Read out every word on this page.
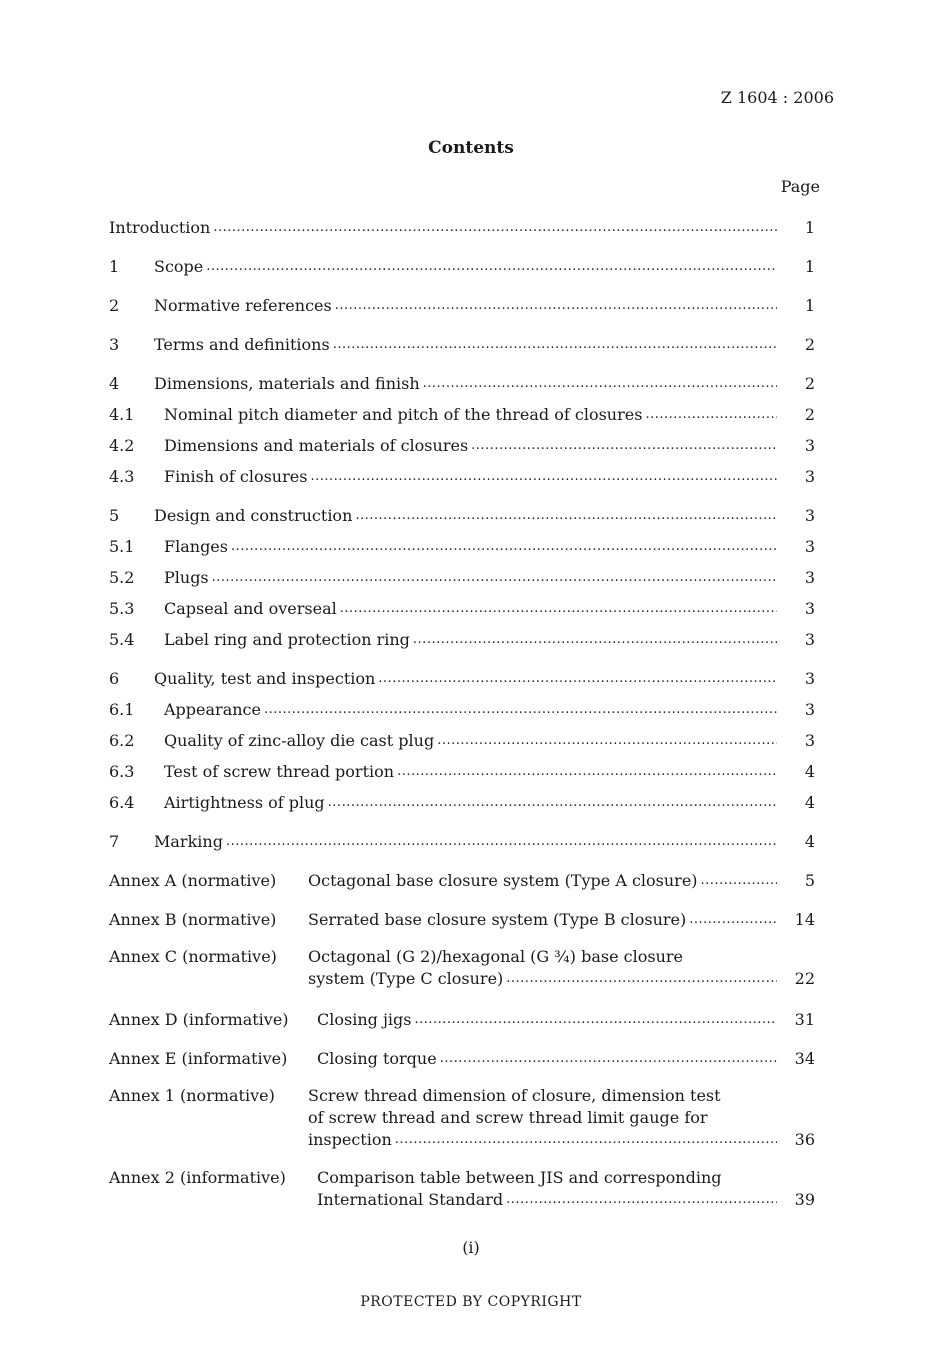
Z 1604 : 2006
Contents
Page
Introduction .....	1
1	Scope .....	1
2	Normative references .....	1
3	Terms and definitions .....	2
4	Dimensions, materials and finish .....	2
4.1	Nominal pitch diameter and pitch of the thread of closures .....	2
4.2	Dimensions and materials of closures .....	3
4.3	Finish of closures .....	3
5	Design and construction .....	3
5.1	Flanges .....	3
5.2	Plugs .....	3
5.3	Capseal and overseal .....	3
5.4	Label ring and protection ring .....	3
6	Quality, test and inspection .....	3
6.1	Appearance .....	3
6.2	Quality of zinc-alloy die cast plug .....	3
6.3	Test of screw thread portion .....	4
6.4	Airtightness of plug .....	4
7	Marking .....	4
Annex A (normative)	Octagonal base closure system (Type A closure) .....	5
Annex B (normative)	Serrated base closure system (Type B closure) .....	14
Annex C (normative)	Octagonal (G 2)/hexagonal (G ¾) base closure
system (Type C closure) .....	22
Annex D (informative)	Closing jigs .....	31
Annex E (informative)	Closing torque .....	34
Annex 1 (normative)	Screw thread dimension of closure, dimension test
of screw thread and screw thread limit gauge for
inspection .....	36
Annex 2 (informative)	Comparison table between JIS and corresponding
International Standard .....	39
(i)
PROTECTED BY COPYRIGHT
